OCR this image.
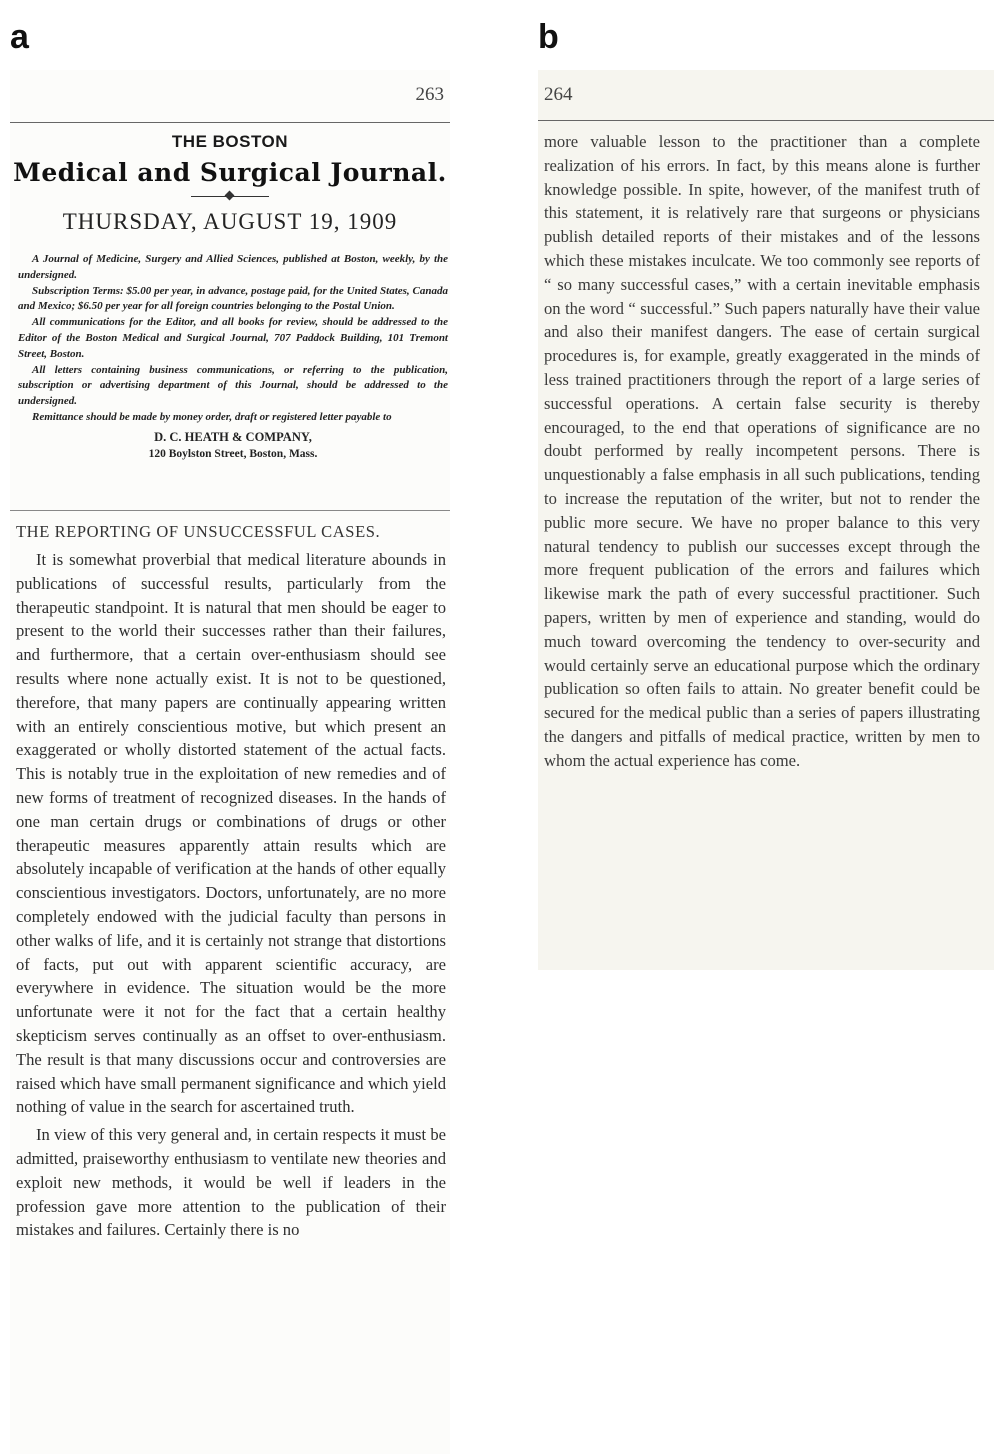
a	b
263
THE BOSTON
Medical and Surgical Journal.
THURSDAY, AUGUST 19, 1909

A Journal of Medicine, Surgery and Allied Sciences, published at Boston, weekly, by the undersigned.

Subscription Terms: $5.00 per year, in advance, postage paid, for the United States, Canada and Mexico; $6.50 per year for all foreign countries belonging to the Postal Union.

All communications for the Editor, and all books for review, should be addressed to the Editor of the Boston Medical and Surgical Journal, 707 Paddock Building, 101 Tremont Street, Boston.

All letters containing business communications, or referring to the publication, subscription or advertising department of this Journal, should be addressed to the undersigned.

Remittance should be made by money order, draft or registered letter payable to

D. C. HEATH & COMPANY,

120 Boylston Street, Boston, Mass.

THE REPORTING OF UNSUCCESSFUL CASES.

It is somewhat proverbial that medical literature abounds in publications of successful results, particularly from the therapeutic standpoint. It is natural that men should be eager to present to the world their successes rather than their failures, and furthermore, that a certain over-enthusiasm should see results where none actually exist. It is not to be questioned, therefore, that many papers are continually appearing written with an entirely conscientious motive, but which present an exaggerated or wholly distorted statement of the actual facts. This is notably true in the exploitation of new remedies and of new forms of treatment of recognized diseases. In the hands of one man certain drugs or combinations of drugs or other therapeutic measures apparently attain results which are absolutely incapable of verification at the hands of other equally conscientious investigators. Doctors, unfortunately, are no more completely endowed with the judicial faculty than persons in other walks of life, and it is certainly not strange that distortions of facts, put out with apparent scientific accuracy, are everywhere in evidence. The situation would be the more unfortunate were it not for the fact that a certain healthy skepticism serves continually as an offset to over-enthusiasm. The result is that many discussions occur and controversies are raised which have small permanent significance and which yield nothing of value in the search for ascertained truth.

In view of this very general and, in certain respects it must be admitted, praiseworthy enthusiasm to ventilate new theories and exploit new methods, it would be well if leaders in the profession gave more attention to the publication of their mistakes and failures. Certainly there is no

264

more valuable lesson to the practitioner than a complete realization of his errors. In fact, by this means alone is further knowledge possible. In spite, however, of the manifest truth of this statement, it is relatively rare that surgeons or physicians publish detailed reports of their mistakes and of the lessons which these mistakes inculcate. We too commonly see reports of “ so many successful cases,” with a certain inevitable emphasis on the word “ successful.” Such papers naturally have their value and also their manifest dangers. The ease of certain surgical procedures is, for example, greatly exaggerated in the minds of less trained practitioners through the report of a large series of successful operations. A certain false security is thereby encouraged, to the end that operations of significance are no doubt performed by really incompetent persons. There is unquestionably a false emphasis in all such publications, tending to increase the reputation of the writer, but not to render the public more secure. We have no proper balance to this very natural tendency to publish our successes except through the more frequent publication of the errors and failures which likewise mark the path of every successful practitioner. Such papers, written by men of experience and standing, would do much toward overcoming the tendency to over-security and would certainly serve an educational purpose which the ordinary publication so often fails to attain. No greater benefit could be secured for the medical public than a series of papers illustrating the dangers and pitfalls of medical practice, written by men to whom the actual experience has come.
